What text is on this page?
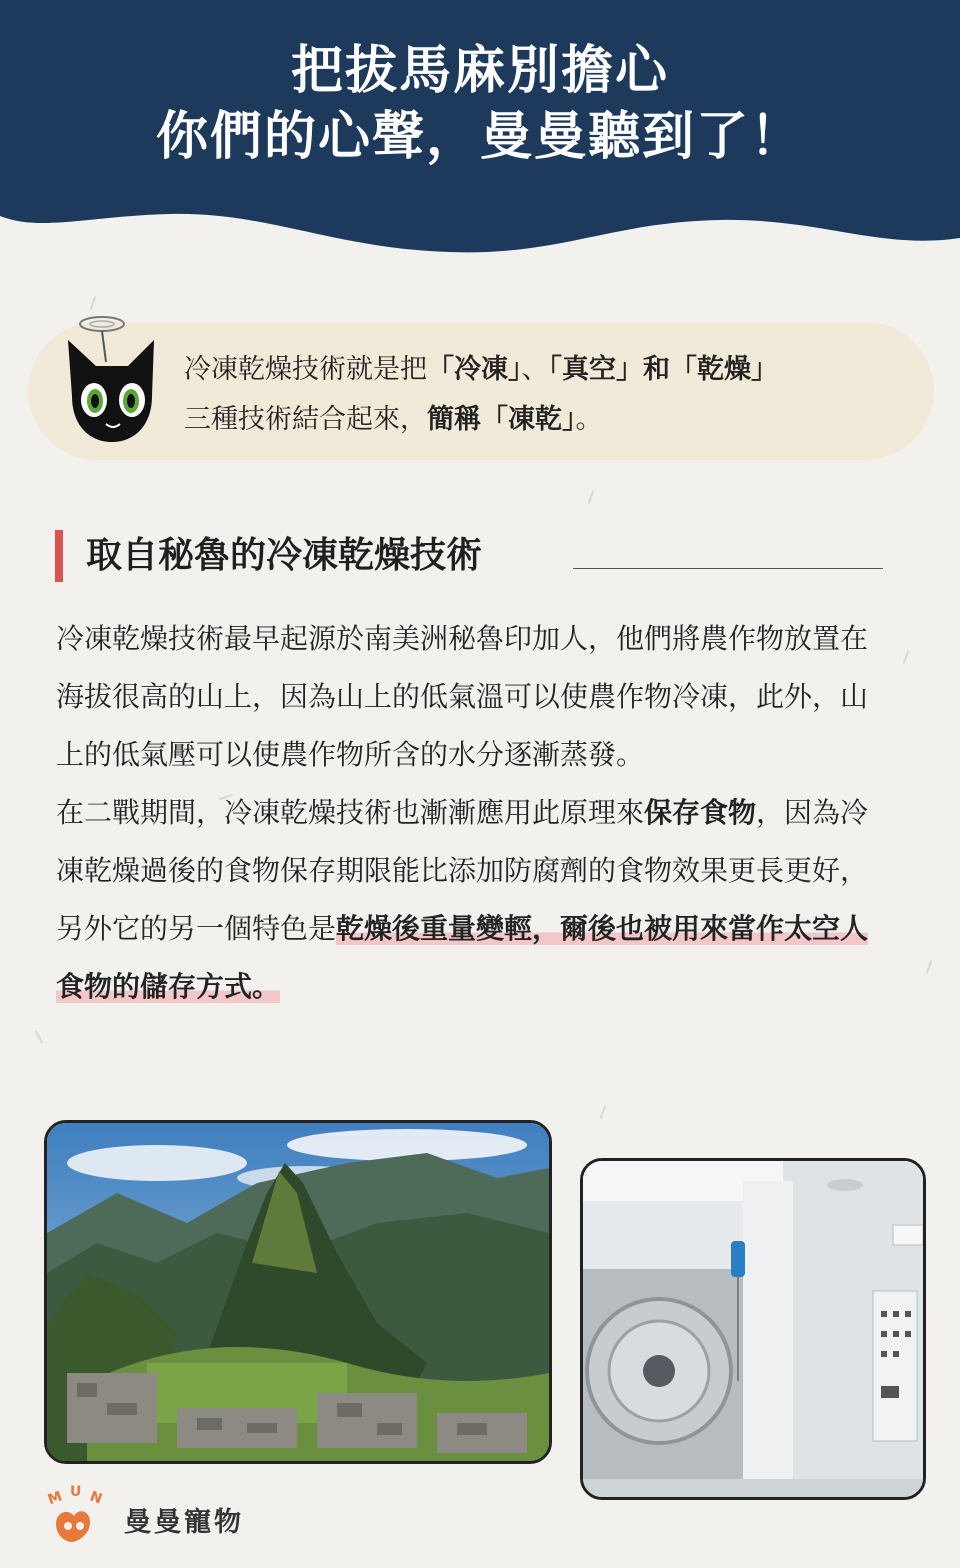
把拔馬麻別擔心
你們的心聲，曼曼聽到了！
冷凍乾燥技術就是把「冷凍」、「真空」和「乾燥」
三種技術結合起來，簡稱「凍乾」。
取自秘魯的冷凍乾燥技術

冷凍乾燥技術最早起源於南美洲秘魯印加人，他們將農作物放置在海拔很高的山上，因為山上的低氣溫可以使農作物冷凍，此外，山上的低氣壓可以使農作物所含的水分逐漸蒸發。

在二戰期間，冷凍乾燥技術也漸漸應用此原理來保存食物，因為冷凍乾燥過後的食物保存期限能比添加防腐劑的食物效果更長更好，另外它的另一個特色是乾燥後重量變輕，爾後也被用來當作太空人食物的儲存方式。

M U N
曼曼寵物
